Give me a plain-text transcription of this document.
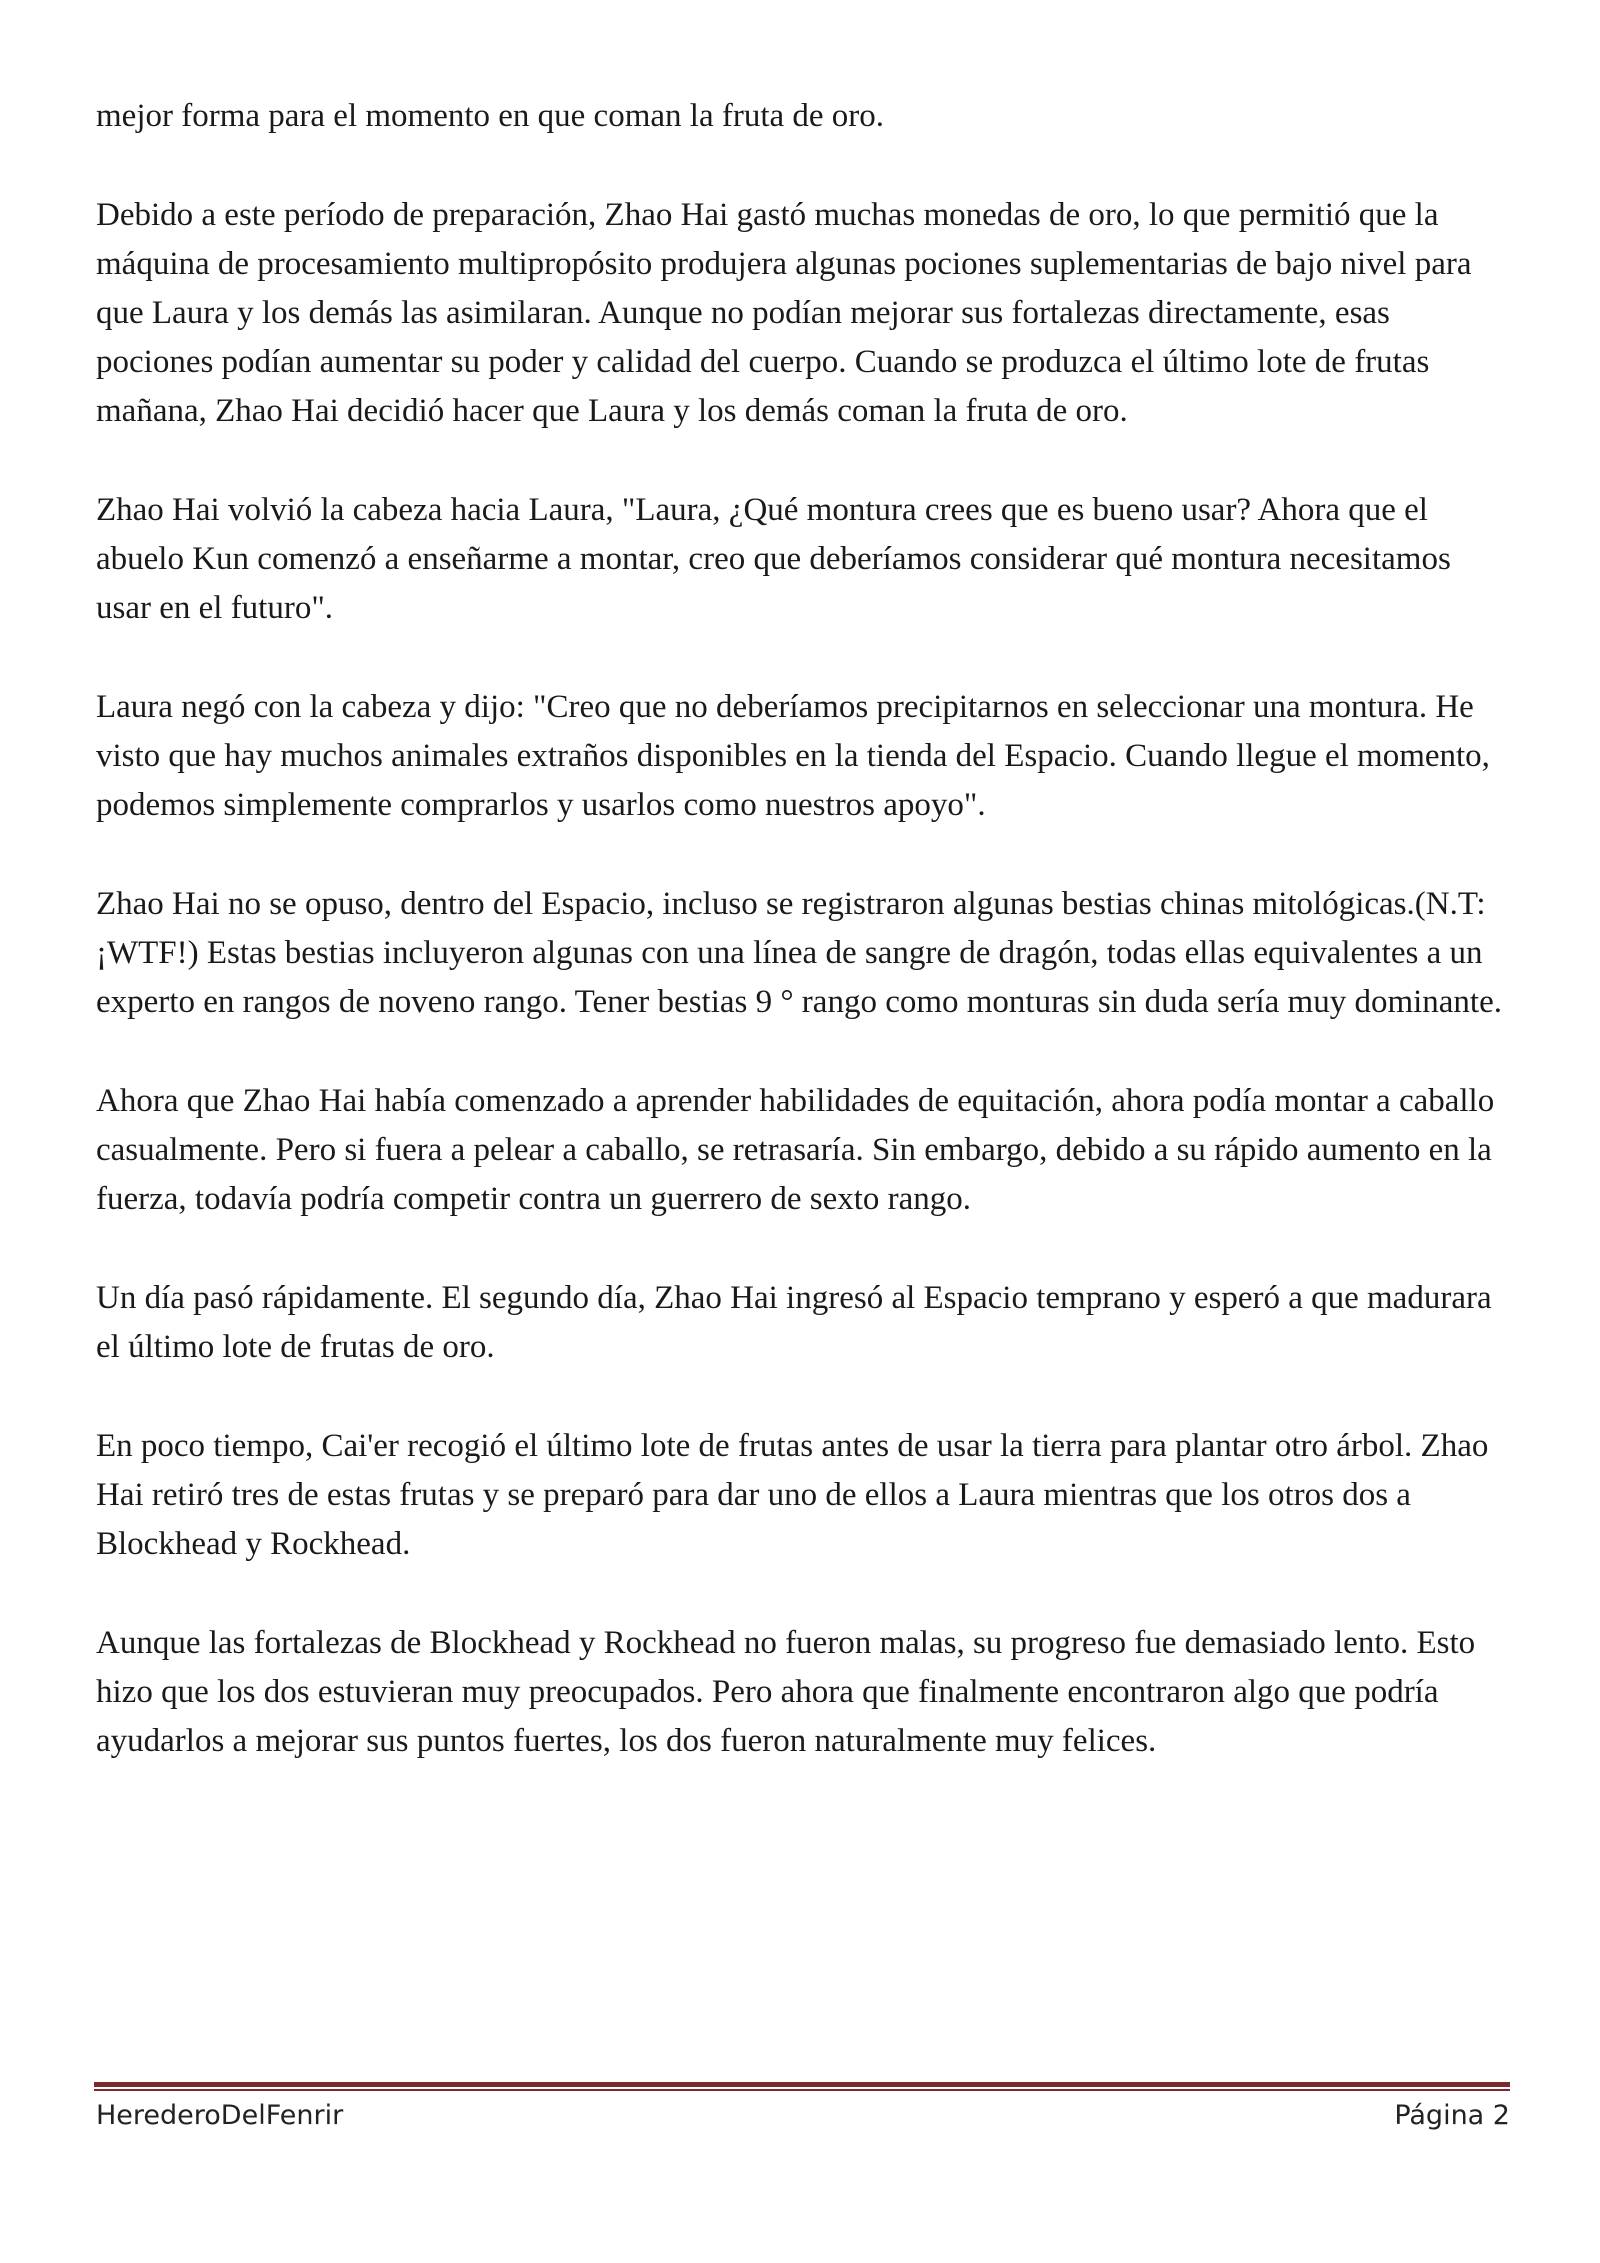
mejor forma para el momento en que coman la fruta de oro.

Debido a este período de preparación, Zhao Hai gastó muchas monedas de oro, lo que permitió que la máquina de procesamiento multipropósito produjera algunas pociones suplementarias de bajo nivel para que Laura y los demás las asimilaran. Aunque no podían mejorar sus fortalezas directamente, esas pociones podían aumentar su poder y calidad del cuerpo. Cuando se produzca el último lote de frutas mañana, Zhao Hai decidió hacer que Laura y los demás coman la fruta de oro.

Zhao Hai volvió la cabeza hacia Laura, "Laura, ¿Qué montura crees que es bueno usar? Ahora que el abuelo Kun comenzó a enseñarme a montar, creo que deberíamos considerar qué montura necesitamos usar en el futuro".

Laura negó con la cabeza y dijo: "Creo que no deberíamos precipitarnos en seleccionar una montura. He visto que hay muchos animales extraños disponibles en la tienda del Espacio. Cuando llegue el momento, podemos simplemente comprarlos y usarlos como nuestros apoyo".

Zhao Hai no se opuso, dentro del Espacio, incluso se registraron algunas bestias chinas mitológicas.(N.T:¡WTF!) Estas bestias incluyeron algunas con una línea de sangre de dragón, todas ellas equivalentes a un experto en rangos de noveno rango. Tener bestias 9 ° rango como monturas sin duda sería muy dominante.

Ahora que Zhao Hai había comenzado a aprender habilidades de equitación, ahora podía montar a caballo casualmente. Pero si fuera a pelear a caballo, se retrasaría. Sin embargo, debido a su rápido aumento en la fuerza, todavía podría competir contra un guerrero de sexto rango.

Un día pasó rápidamente. El segundo día, Zhao Hai ingresó al Espacio temprano y esperó a que madurara el último lote de frutas de oro.

En poco tiempo, Cai'er recogió el último lote de frutas antes de usar la tierra para plantar otro árbol. Zhao Hai retiró tres de estas frutas y se preparó para dar uno de ellos a Laura mientras que los otros dos a Blockhead y Rockhead.

Aunque las fortalezas de Blockhead y Rockhead no fueron malas, su progreso fue demasiado lento. Esto hizo que los dos estuvieran muy preocupados. Pero ahora que finalmente encontraron algo que podría ayudarlos a mejorar sus puntos fuertes, los dos fueron naturalmente muy felices.

HerederoDelFenrir	Página 2
